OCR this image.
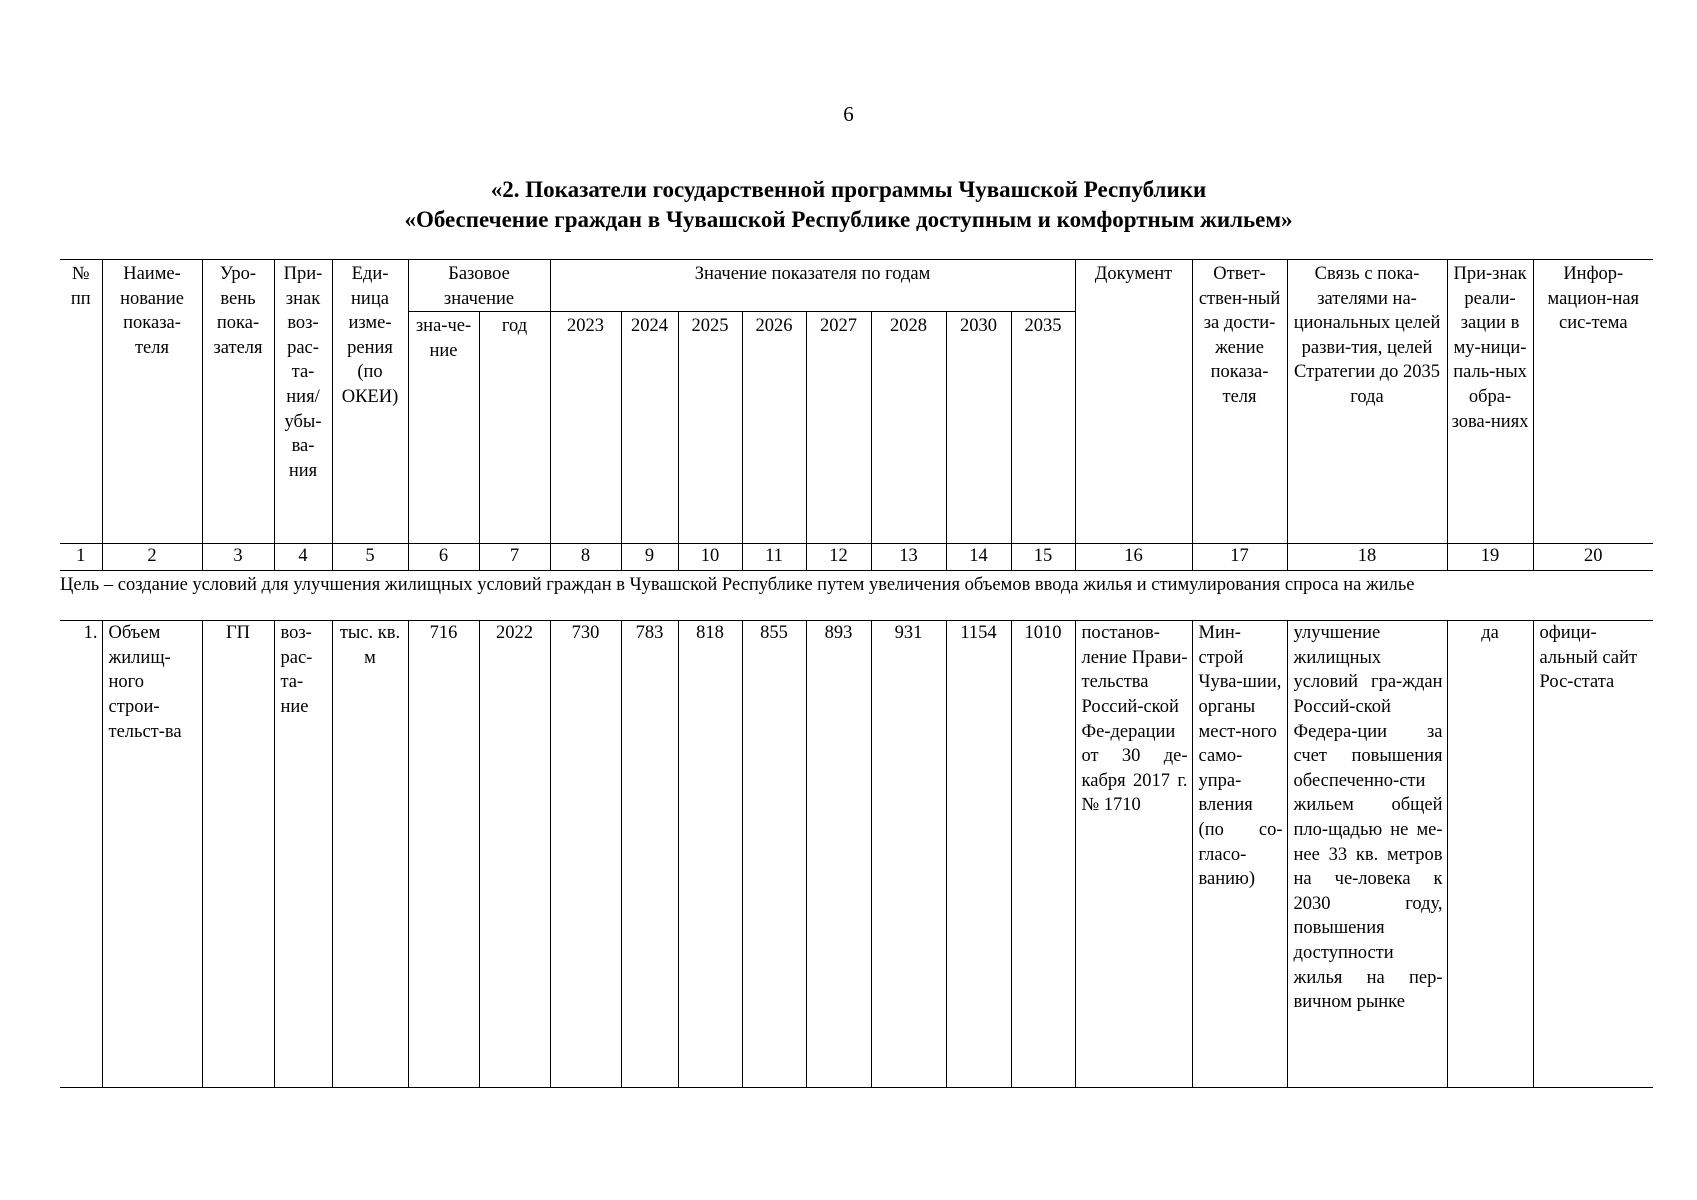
6
«2. Показатели государственной программы Чувашской Республики
«Обеспечение граждан в Чувашской Республике доступным и комфортным жильем»
№ пп	Наиме-нование показа-теля	Уро-вень пока-зателя	При-знак воз-рас-та-ния/ убы-ва-ния	Еди-ница изме-рения (по ОКЕИ)	Базовое значение		Значение показателя по годам								Документ	Ответ-ствен-ный за дости-жение показа-теля	Связь с пока-зателями на-циональных целей разви-тия, целей Стратегии до 2035 года	При-знак реали-зации в му-ници-паль-ных обра-зова-ниях	Инфор-мацион-ная сис-тема
					зна-че-ние	год	2023	2024	2025	2026	2027	2028	2030	2035					
1	2	3	4	5	6	7	8	9	10	11	12	13	14	15	16	17	18	19	20
Цель – создание условий для улучшения жилищных условий граждан в Чувашской Республике путем увеличения объемов ввода жилья и стимулирования спроса на жилье																			
1.	Объем жилищ-ного строи-тельст-ва	ГП	воз-рас-та-ние	тыс. кв. м	716	2022	730	783	818	855	893	931	1154	1010	постанов-ление Прави-тельства Россий-ской Фе-дерации от 30 де-кабря 2017 г. № 1710	Мин-строй Чува-шии, органы мест-ного само-упра-вления (по со-гласо-ванию)	улучшение жилищных условий гра-ждан Россий-ской Федера-ции за счет повышения обеспеченно-сти жильем общей пло-щадью не ме-нее 33 кв. метров на че-ловека к 2030 году, повышения доступности жилья на пер-вичном рынке	да	офици-альный сайт Рос-стата
